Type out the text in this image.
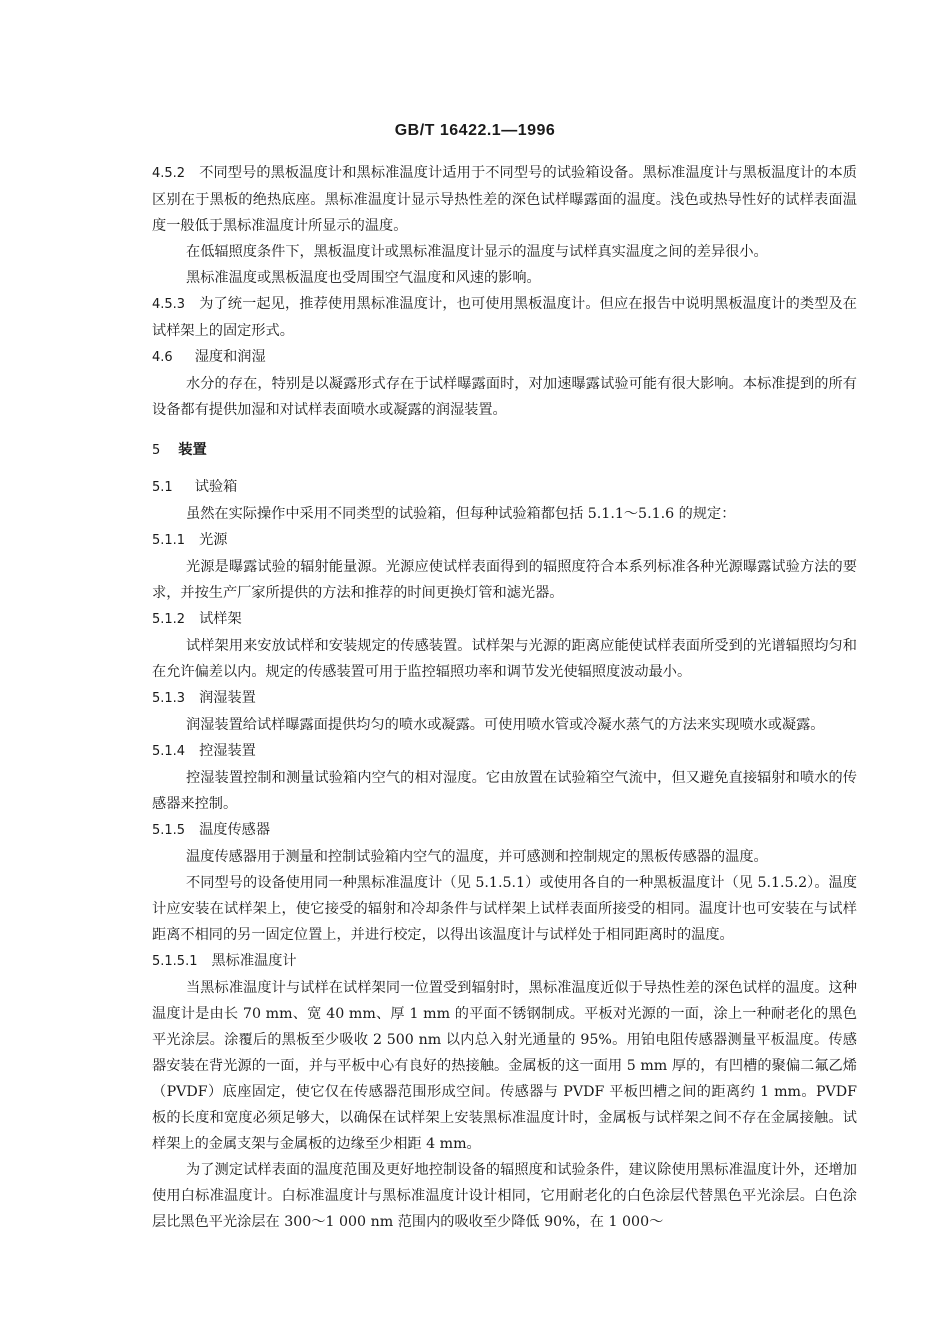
GB/T 16422.1—1996

4.5.2 不同型号的黑板温度计和黑标准温度计适用于不同型号的试验箱设备。黑标准温度计与黑板温度计的本质区别在于黑板的绝热底座。黑标准温度计显示导热性差的深色试样曝露面的温度。浅色或热导性好的试样表面温度一般低于黑标准温度计所显示的温度。

在低辐照度条件下，黑板温度计或黑标准温度计显示的温度与试样真实温度之间的差异很小。

黑标准温度或黑板温度也受周围空气温度和风速的影响。

4.5.3 为了统一起见，推荐使用黑标准温度计，也可使用黑板温度计。但应在报告中说明黑板温度计的类型及在试样架上的固定形式。

4.6 湿度和润湿

水分的存在，特别是以凝露形式存在于试样曝露面时，对加速曝露试验可能有很大影响。本标准提到的所有设备都有提供加湿和对试样表面喷水或凝露的润湿装置。

5 装置

5.1 试验箱

虽然在实际操作中采用不同类型的试验箱，但每种试验箱都包括 5.1.1～5.1.6 的规定：

5.1.1 光源

光源是曝露试验的辐射能量源。光源应使试样表面得到的辐照度符合本系列标准各种光源曝露试验方法的要求，并按生产厂家所提供的方法和推荐的时间更换灯管和滤光器。

5.1.2 试样架

试样架用来安放试样和安装规定的传感装置。试样架与光源的距离应能使试样表面所受到的光谱辐照均匀和在允许偏差以内。规定的传感装置可用于监控辐照功率和调节发光使辐照度波动最小。

5.1.3 润湿装置

润湿装置给试样曝露面提供均匀的喷水或凝露。可使用喷水管或冷凝水蒸气的方法来实现喷水或凝露。

5.1.4 控湿装置

控湿装置控制和测量试验箱内空气的相对湿度。它由放置在试验箱空气流中，但又避免直接辐射和喷水的传感器来控制。

5.1.5 温度传感器

温度传感器用于测量和控制试验箱内空气的温度，并可感测和控制规定的黑板传感器的温度。

不同型号的设备使用同一种黑标准温度计（见 5.1.5.1）或使用各自的一种黑板温度计（见 5.1.5.2）。温度计应安装在试样架上，使它接受的辐射和冷却条件与试样架上试样表面所接受的相同。温度计也可安装在与试样距离不相同的另一固定位置上，并进行校定，以得出该温度计与试样处于相同距离时的温度。

5.1.5.1 黑标准温度计

当黑标准温度计与试样在试样架同一位置受到辐射时，黑标准温度近似于导热性差的深色试样的温度。这种温度计是由长 70 mm、宽 40 mm、厚 1 mm 的平面不锈钢制成。平板对光源的一面，涂上一种耐老化的黑色平光涂层。涂覆后的黑板至少吸收 2 500 nm 以内总入射光通量的 95%。用铂电阻传感器测量平板温度。传感器安装在背光源的一面，并与平板中心有良好的热接触。金属板的这一面用 5 mm 厚的，有凹槽的聚偏二氟乙烯（PVDF）底座固定，使它仅在传感器范围形成空间。传感器与 PVDF 平板凹槽之间的距离约 1 mm。PVDF 板的长度和宽度必须足够大，以确保在试样架上安装黑标准温度计时，金属板与试样架之间不存在金属接触。试样架上的金属支架与金属板的边缘至少相距 4 mm。

为了测定试样表面的温度范围及更好地控制设备的辐照度和试验条件，建议除使用黑标准温度计外，还增加使用白标准温度计。白标准温度计与黑标准温度计设计相同，它用耐老化的白色涂层代替黑色平光涂层。白色涂层比黑色平光涂层在 300～1 000 nm 范围内的吸收至少降低 90%，在 1 000～
